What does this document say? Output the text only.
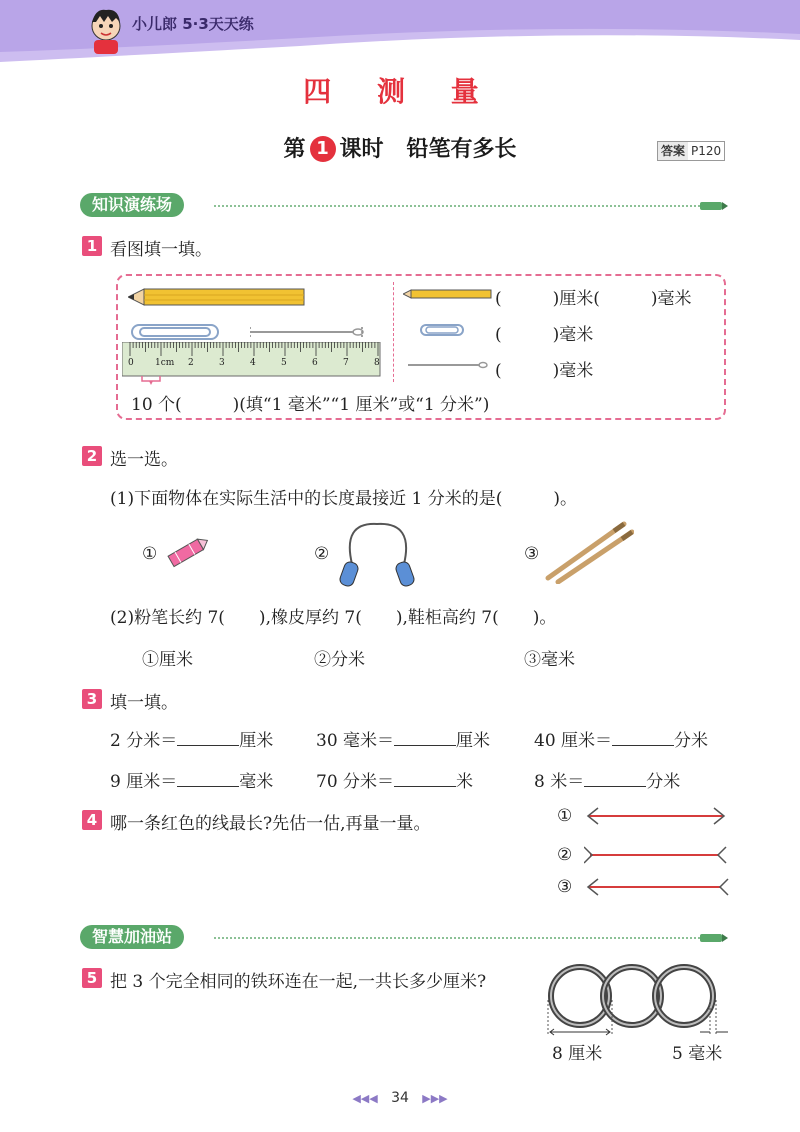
小儿郎 5·3天天练
四 测 量
第 1 课时 铅笔有多长	答案 P120
知识演练场
1 看图填一填。
0 1cm 2	3	4	5	6	7	8
(　　　)厘米(　　　)毫米
(　　　)毫米
(　　　)毫米
10 个(　　　)(填“1 毫米”“1 厘米”或“1 分米”)
2 选一选。
(1)下面物体在实际生活中的长度最接近 1 分米的是(　　　)。
①	②	③
(2)粉笔长约 7(　　),橡皮厚约 7(　　),鞋柜高约 7(　　)。
①厘米	②分米	③毫米
3 填一填。
2 分米＝	厘米	30 毫米＝	厘米	40 厘米＝	分米
9 厘米＝	毫米	70 分米＝	米	8 米＝	分米
4 哪一条红色的线最长?先估一估,再量一量。	①
②
③
智慧加油站
5 把 3 个完全相同的铁环连在一起,一共长多少厘米?
8 厘米	5 毫米
◀◀◀ 34 ▶▶▶
